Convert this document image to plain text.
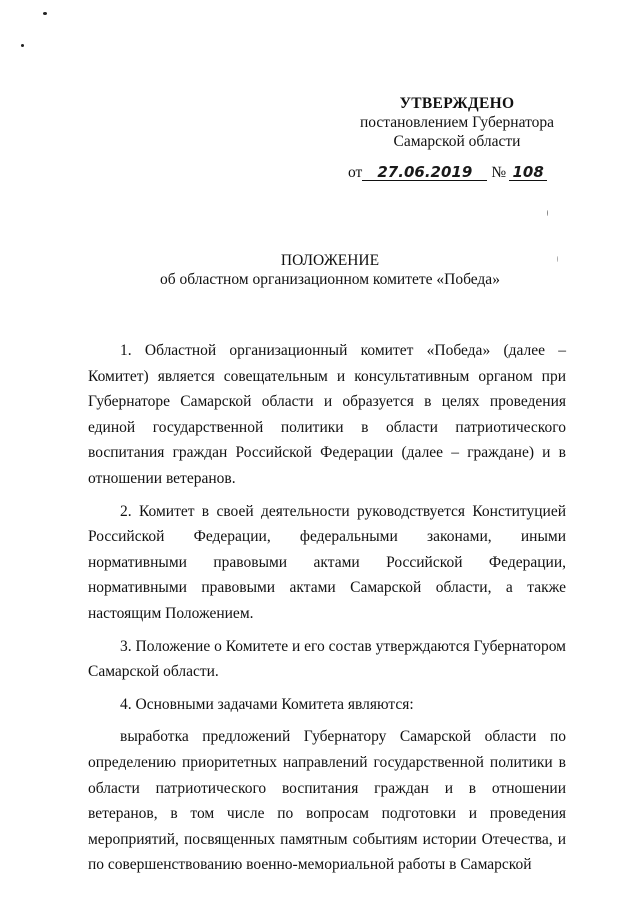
УТВЕРЖДЕНО
постановлением Губернатора
Самарской области
от 27.06.2019 № 108
ПОЛОЖЕНИЕ
об областном организационном комитете «Победа»

1. Областной организационный комитет «Победа» (далее – Комитет) является совещательным и консультативным органом при Губернаторе Самарской области и образуется в целях проведения единой государственной политики в области патриотического воспитания граждан Российской Федерации (далее – граждане) и в отношении ветеранов.

2. Комитет в своей деятельности руководствуется Конституцией Российской Федерации, федеральными законами, иными нормативными правовыми актами Российской Федерации, нормативными правовыми актами Самарской области, а также настоящим Положением.

3. Положение о Комитете и его состав утверждаются Губернатором Самарской области.

4. Основными задачами Комитета являются:

выработка предложений Губернатору Самарской области по определению приоритетных направлений государственной политики в области патриотического воспитания граждан и в отношении ветеранов, в том числе по вопросам подготовки и проведения мероприятий, посвященных памятным событиям истории Отечества, и по совершенствованию военно-мемориальной работы в Самарской
